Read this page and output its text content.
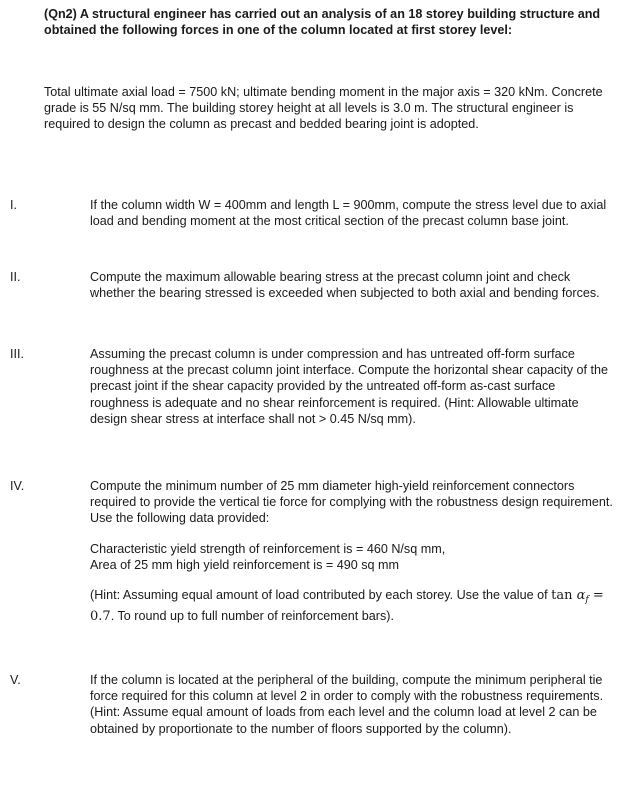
(Qn2) A structural engineer has carried out an analysis of an 18 storey building structure and obtained the following forces in one of the column located at first storey level:

Total ultimate axial load = 7500 kN; ultimate bending moment in the major axis = 320 kNm. Concrete grade is 55 N/sq mm. The building storey height at all levels is 3.0 m. The structural engineer is required to design the column as precast and bedded bearing joint is adopted.

I.	If the column width W = 400mm and length L = 900mm, compute the stress level due to axial load and bending moment at the most critical section of the precast column base joint.

II.	Compute the maximum allowable bearing stress at the precast column joint and check whether the bearing stressed is exceeded when subjected to both axial and bending forces.

III.	Assuming the precast column is under compression and has untreated off-form surface roughness at the precast column joint interface. Compute the horizontal shear capacity of the precast joint if the shear capacity provided by the untreated off-form as-cast surface roughness is adequate and no shear reinforcement is required. (Hint: Allowable ultimate design shear stress at interface shall not > 0.45 N/sq mm).

IV.	Compute the minimum number of 25 mm diameter high-yield reinforcement connectors required to provide the vertical tie force for complying with the robustness design requirement. Use the following data provided:

Characteristic yield strength of reinforcement is = 460 N/sq mm,

Area of 25 mm high yield reinforcement is = 490 sq mm

(Hint: Assuming equal amount of load contributed by each storey. Use the value of $\tan \alpha_f = 0.7$. To round up to full number of reinforcement bars).

V.	If the column is located at the peripheral of the building, compute the minimum peripheral tie force required for this column at level 2 in order to comply with the robustness requirements. (Hint: Assume equal amount of loads from each level and the column load at level 2 can be obtained by proportionate to the number of floors supported by the column).
